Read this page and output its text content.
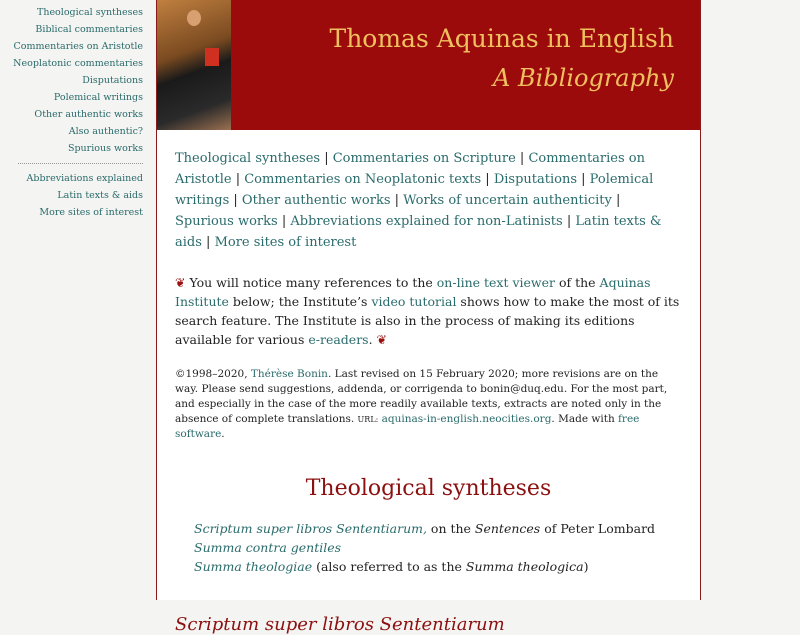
Theological syntheses
Biblical commentaries
Commentaries on Aristotle
Neoplatonic commentaries
Disputations
Polemical writings
Other authentic works
Also authentic?
Spurious works
Abbreviations explained
Latin texts & aids
More sites of interest
Thomas Aquinas in English
A Bibliography
Theological syntheses | Commentaries on Scripture | Commentaries on Aristotle | Commentaries on Neoplatonic texts | Disputations | Polemical writings | Other authentic works | Works of uncertain authenticity | Spurious works | Abbreviations explained for non-Latinists | Latin texts & aids | More sites of interest

❦ You will notice many references to the on-line text viewer of the Aquinas Institute below; the Institute’s video tutorial shows how to make the most of its search feature. The Institute is also in the process of making its editions available for various e-readers. ❦

©1998–2020, Thérèse Bonin. Last revised on 15 February 2020; more revisions are on the way. Please send suggestions, addenda, or corrigenda to bonin@duq.edu. For the most part, and especially in the case of the more readily available texts, extracts are noted only in the absence of complete translations. URL: aquinas-in-english.neocities.org. Made with free software.

Theological syntheses
Scriptum super libros Sententiarum, on the Sentences of Peter Lombard
Summa contra gentiles
Summa theologiae (also referred to as the Summa theologica)
Scriptum super libros Sententiarum
